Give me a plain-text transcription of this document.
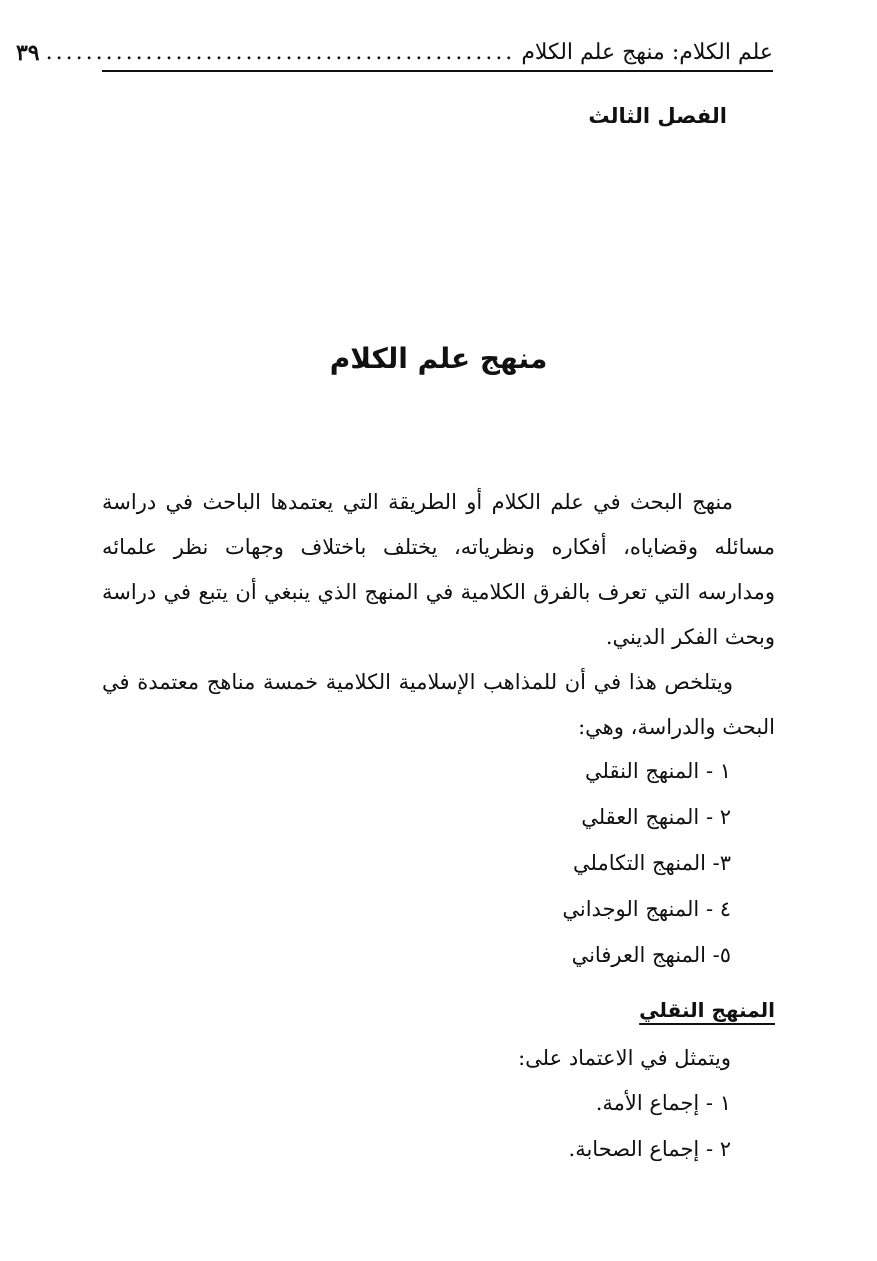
علم الكلام: منهج علم الكلام
...............................................
٣٩
الفصل الثالث
منهج علم الكلام

منهج البحث في علم الكلام أو الطريقة التي يعتمدها الباحث في دراسة مسائله وقضاياه، أفكاره ونظرياته، يختلف باختلاف وجهات نظر علمائه ومدارسه التي تعرف بالفرق الكلامية في المنهج الذي ينبغي أن يتبع في دراسة وبحث الفكر الديني.

ويتلخص هذا في أن للمذاهب الإسلامية الكلامية خمسة مناهج معتمدة في البحث والدراسة، وهي:

١ - المنهج النقلي
٢ - المنهج العقلي
٣- المنهج التكاملي
٤ - المنهج الوجداني
٥- المنهج العرفاني
المنهج النقلي
ويتمثل في الاعتماد على:
١ - إجماع الأمة.
٢ - إجماع الصحابة.
